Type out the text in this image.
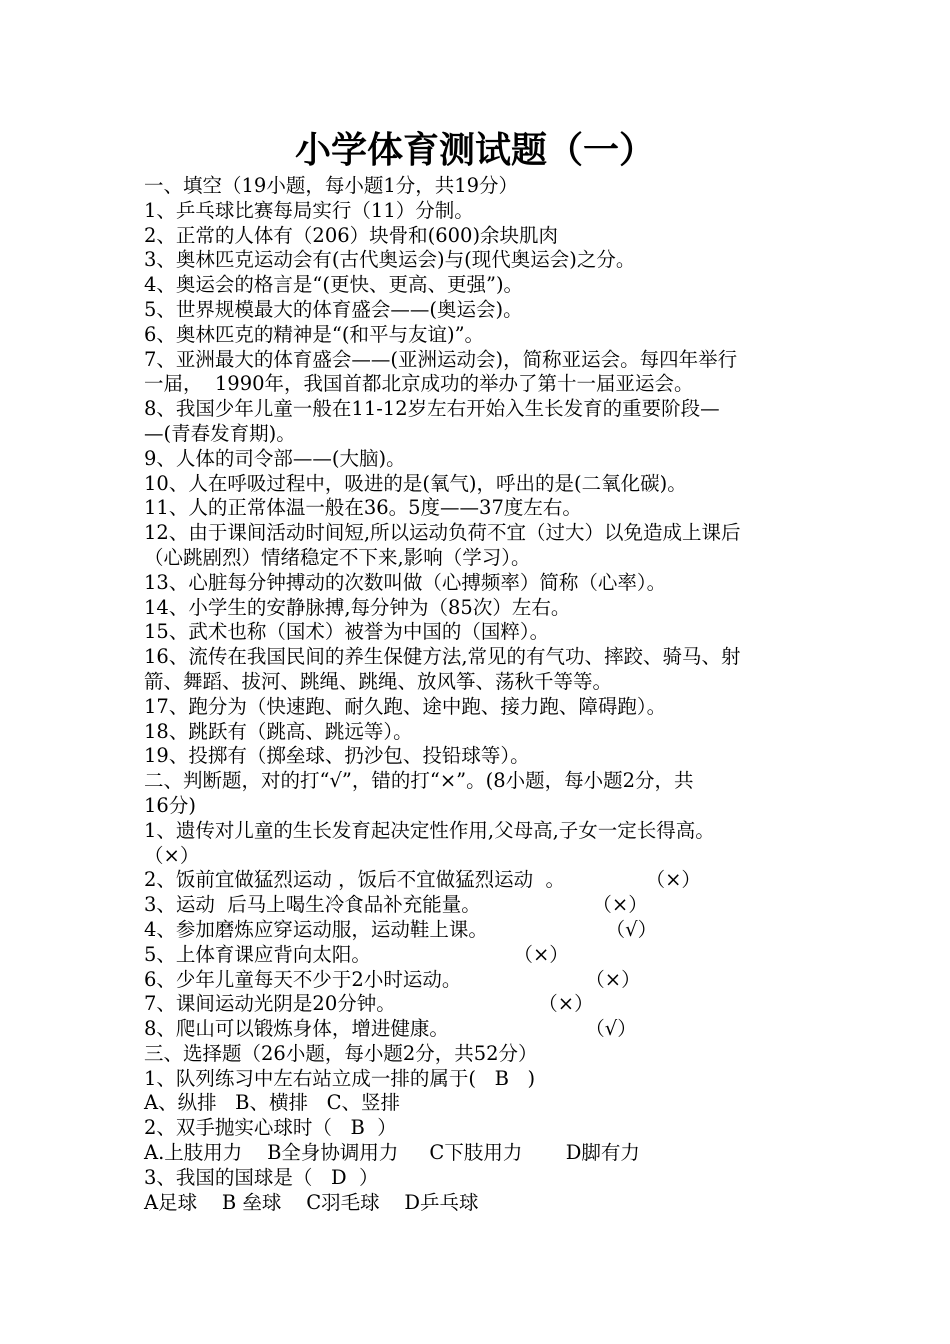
小学体育测试题（一）
一、填空（19小题，每小题1分，共19分）
1、乒乓球比赛每局实行（11）分制。
2、正常的人体有（206）块骨和(600)余块肌肉
3、奥林匹克运动会有(古代奥运会)与(现代奥运会)之分。
4、奥运会的格言是“(更快、更高、更强”)。
5、世界规模最大的体育盛会——(奥运会)。
6、奥林匹克的精神是“(和平与友谊)”。
7、亚洲最大的体育盛会——(亚洲运动会)，简称亚运会。每四年举行
一届，  1990年，我国首都北京成功的举办了第十一届亚运会。
8、我国少年儿童一般在11-12岁左右开始入生长发育的重要阶段—
—(青春发育期)。
9、人体的司令部——(大脑)。
10、人在呼吸过程中，吸进的是(氧气)，呼出的是(二氧化碳)。
11、人的正常体温一般在36。5度——37度左右。
12、由于课间活动时间短,所以运动负荷不宜（过大）以免造成上课后
（心跳剧烈）情绪稳定不下来,影响（学习）。
13、心脏每分钟搏动的次数叫做（心搏频率）简称（心率）。
14、小学生的安静脉搏,每分钟为（85次）左右。
15、武术也称（国术）被誉为中国的（国粹）。
16、流传在我国民间的养生保健方法,常见的有气功、摔跤、骑马、射
箭、舞蹈、拔河、跳绳、跳绳、放风筝、荡秋千等等。
17、跑分为（快速跑、耐久跑、途中跑、接力跑、障碍跑）。
18、跳跃有（跳高、跳远等）。
19、投掷有（掷垒球、扔沙包、投铅球等）。
二、判断题，对的打“√”，错的打“×”。(8小题，每小题2分，共
16分)
1、遗传对儿童的生长发育起决定性作用,父母高,子女一定长得高。
（×）
2、饭前宜做猛烈运动 ，饭后不宜做猛烈运动  。             （×）
3、运动  后马上喝生冷食品补充能量。                  （×）
4、参加磨炼应穿运动服，运动鞋上课。                   （√）
5、上体育课应背向太阳。                       （×）
6、少年儿童每天不少于2小时运动。                    （×）
7、课间运动光阴是20分钟。                       （×）
8、爬山可以锻炼身体，增进健康。                      （√）
三、选择题（26小题，每小题2分，共52分）
1、队列练习中左右站立成一排的属于(   B   )
A、纵排   B、横排   C、竖排
2、双手抛实心球时（   B  ）
A.上肢用力    B全身协调用力     C下肢用力       D脚有力
3、我国的国球是（   D  ）
A足球    B 垒球    C羽毛球    D乒乓球
